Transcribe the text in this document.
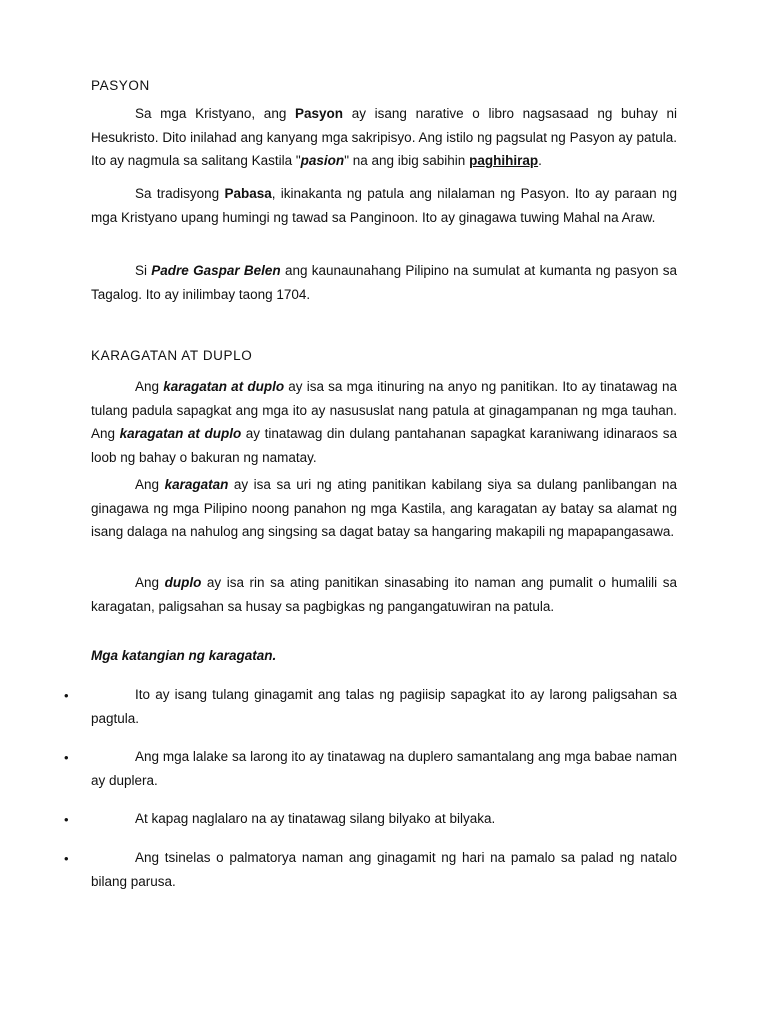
PASYON

Sa mga Kristyano, ang Pasyon ay isang narative o libro nagsasaad ng buhay ni Hesukristo. Dito inilahad ang kanyang mga sakripisyo. Ang istilo ng pagsulat ng Pasyon ay patula. Ito ay nagmula sa salitang Kastila "pasion" na ang ibig sabihin paghihirap.

Sa tradisyong Pabasa, ikinakanta ng patula ang nilalaman ng Pasyon. Ito ay paraan ng mga Kristyano upang humingi ng tawad sa Panginoon. Ito ay ginagawa tuwing Mahal na Araw.

Si Padre Gaspar Belen ang kaunaunahang Pilipino na sumulat at kumanta ng pasyon sa Tagalog. Ito ay inilimbay taong 1704.

KARAGATAN AT DUPLO

Ang karagatan at duplo ay isa sa mga itinuring na anyo ng panitikan. Ito ay tinatawag na tulang padula sapagkat ang mga ito ay nasususlat nang patula at ginagampanan ng mga tauhan. Ang karagatan at duplo ay tinatawag din dulang pantahanan sapagkat karaniwang idinaraos sa loob ng bahay o bakuran ng namatay.

Ang karagatan ay isa sa uri ng ating panitikan kabilang siya sa dulang panlibangan na ginagawa ng mga Pilipino noong panahon ng mga Kastila, ang karagatan ay batay sa alamat ng isang dalaga na nahulog ang singsing sa dagat batay sa hangaring makapili ng mapapangasawa.

Ang duplo ay isa rin sa ating panitikan sinasabing ito naman ang pumalit o humalili sa karagatan, paligsahan sa husay sa pagbigkas ng pangangatuwiran na patula.

Mga katangian ng karagatan.

•	Ito ay isang tulang ginagamit ang talas ng pagiisip sapagkat ito ay larong paligsahan sa pagtula.

•	Ang mga lalake sa larong ito ay tinatawag na duplero samantalang ang mga babae naman ay duplera.

•	At kapag naglalaro na ay tinatawag silang bilyako at bilyaka.

•	Ang tsinelas o palmatorya naman ang ginagamit ng hari na pamalo sa palad ng natalo bilang parusa.
